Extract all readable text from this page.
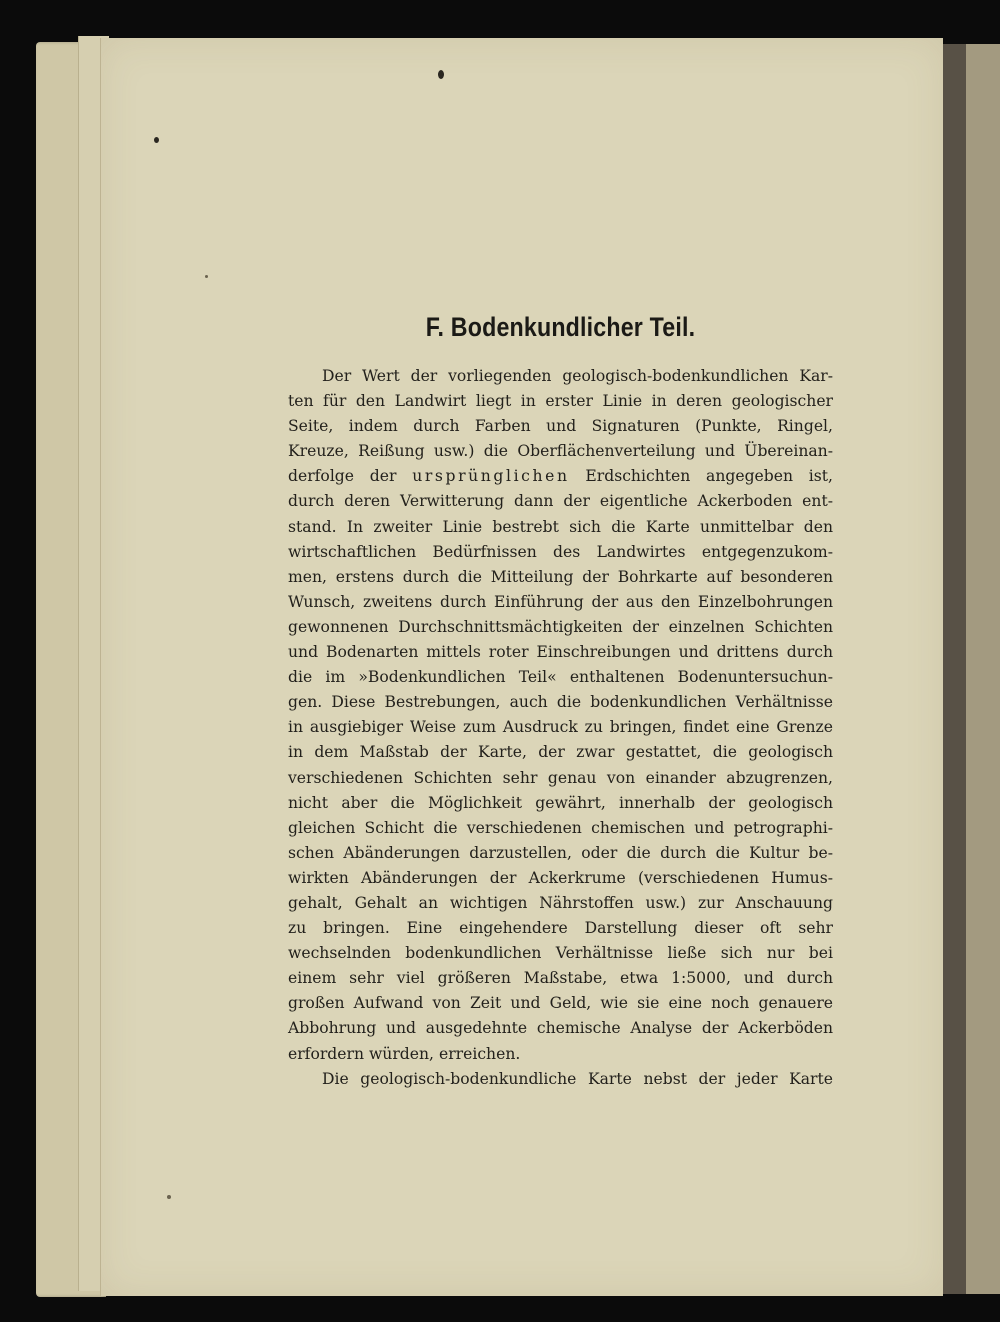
F. Bodenkundlicher Teil.
Der Wert der vorliegenden geologisch-bodenkundlichen Kar-
ten für den Landwirt liegt in erster Linie in deren geologischer
Seite, indem durch Farben und Signaturen (Punkte, Ringel,
Kreuze, Reißung usw.) die Oberflächenverteilung und Übereinan-
derfolge der ursprünglichen Erdschichten angegeben ist,
durch deren Verwitterung dann der eigentliche Ackerboden ent-
stand. In zweiter Linie bestrebt sich die Karte unmittelbar den
wirtschaftlichen Bedürfnissen des Landwirtes entgegenzukom-
men, erstens durch die Mitteilung der Bohrkarte auf besonderen
Wunsch, zweitens durch Einführung der aus den Einzelbohrungen
gewonnenen Durchschnittsmächtigkeiten der einzelnen Schichten
und Bodenarten mittels roter Einschreibungen und drittens durch
die im »Bodenkundlichen Teil« enthaltenen Bodenuntersuchun-
gen. Diese Bestrebungen, auch die bodenkundlichen Verhältnisse
in ausgiebiger Weise zum Ausdruck zu bringen, findet eine Grenze
in dem Maßstab der Karte, der zwar gestattet, die geologisch
verschiedenen Schichten sehr genau von einander abzugrenzen,
nicht aber die Möglichkeit gewährt, innerhalb der geologisch
gleichen Schicht die verschiedenen chemischen und petrographi-
schen Abänderungen darzustellen, oder die durch die Kultur be-
wirkten Abänderungen der Ackerkrume (verschiedenen Humus-
gehalt, Gehalt an wichtigen Nährstoffen usw.) zur Anschauung
zu bringen. Eine eingehendere Darstellung dieser oft sehr
wechselnden bodenkundlichen Verhältnisse ließe sich nur bei
einem sehr viel größeren Maßstabe, etwa 1:5000, und durch
großen Aufwand von Zeit und Geld, wie sie eine noch genauere
Abbohrung und ausgedehnte chemische Analyse der Ackerböden
erfordern würden, erreichen.
Die geologisch-bodenkundliche Karte nebst der jeder Karte
